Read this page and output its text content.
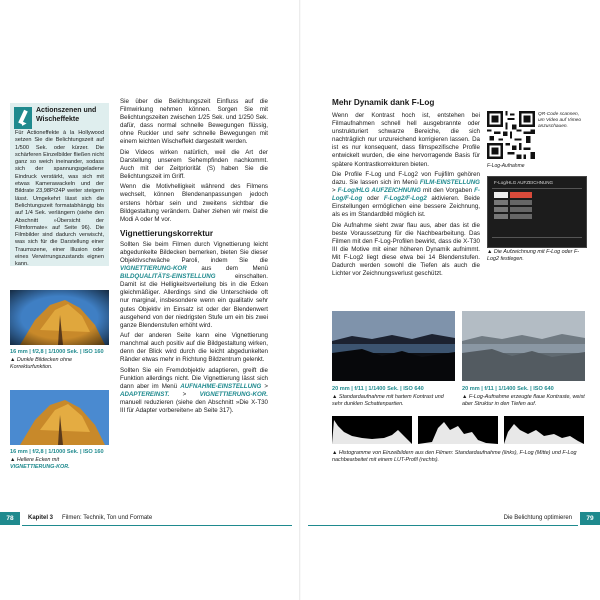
Actionszenen und
Wischeffekte
Für Actioneffekte à la Hollywood setzen Sie die Belichtungszeit auf 1/500 Sek. oder kürzer. Die schärferen Einzelbilder fließen nicht ganz so weich ineinander, sodass sich der spannungsgeladene Eindruck verstärkt, was sich mit etwas Kamerawackeln und der Bildrate 23,98P/24P weiter steigern lässt. Umgekehrt lässt sich die Belichtungszeit formatabhängig bis auf 1/4 Sek. verlängern (siehe den Abschnitt »Übersicht der Filmformate« auf Seite 96). Die Filmbilder sind dadurch verwischt, was sich für die Darstellung einer Traumszene, einer Illusion oder eines Verwirrungszustands eignen kann.
16 mm | f/2,8 | 1/1000 Sek. | ISO 160
▲ Dunkle Bildecken ohne Korrekturfunktion.
16 mm | f/2,8 | 1/1000 Sek. | ISO 160
▲ Hellere Ecken mit
VIGNETTIERUNG-KOR.

Sie über die Belichtungszeit Einfluss auf die Filmwirkung nehmen können. Sorgen Sie mit Belichtungszeiten zwischen 1/25 Sek. und 1/250 Sek. dafür, dass normal schnelle Bewegungen flüssig, ohne Ruckler und sehr schnelle Bewegungen mit einem leichten Wischeffekt dargestellt werden.

Die Videos wirken natürlich, weil die Art der Darstellung unserem Sehempfinden nachkommt. Auch mit der Zeitpriorität (S) haben Sie die Belichtungszeit im Griff.

Wenn die Motivhelligkeit während des Filmens wechselt, können Blendenanpassungen jedoch erstens hörbar sein und zweitens sichtbar die Bildgestaltung verändern. Daher ziehen wir meist die Modi A oder M vor.

Vignettierungskorrektur

Sollten Sie beim Filmen durch Vignettierung leicht abgedunkelte Bildecken bemerken, bieten Sie dieser Objektivschwäche Paroli, indem Sie die VIGNETTIERUNG-KOR aus dem Menü BILDQUALITÄTS-EINSTELLUNG	einschalten. Damit ist die Helligkeitsverteilung bis in die Ecken gleichmäßiger. Allerdings sind die Unterschiede oft nur marginal, insbesondere wenn ein qualitativ sehr gutes Objektiv im Einsatz ist oder der Blendenwert ausgehend von der niedrigsten Stufe um ein bis zwei ganze Blendenstufen erhöht wird.

Auf der anderen Seite kann eine Vignettierung manchmal auch positiv auf die Bildgestaltung wirken, denn der Blick wird durch die leicht abgedunkelten Ränder etwas mehr in Richtung Bildzentrum gelenkt.

Sollten Sie ein Fremdobjektiv adaptieren, greift die Funktion allerdings nicht. Die Vignettierung lässt sich dann aber im Menü AUFNAHME-EINSTELLUNG > ADAPTEREINST. > VIGNETTIERUNG-KOR. manuell reduzieren (siehe den Abschnitt »Die X-T30 III für Adapter vorbereiten« ab Seite 317).

Mehr Dynamik dank F-Log

Wenn der Kontrast hoch ist, entstehen bei Filmaufnahmen schnell hell ausgebrannte oder unstrukturiert schwarze Bereiche, die sich nachträglich nur unzureichend korrigieren lassen. Da ist es nur konsequent, dass filmspezifische Profile entwickelt wurden, die eine hervorragende Basis für spätere Kontrastkorrekturen bieten.

Die Profile F-Log und F-Log2 von Fujifilm gehören dazu. Sie lassen sich im Menü FILM-EINSTELLUNG > F-Log/HLG AUFZEICHNUNG mit den Vorgaben F-Log/F-Log oder F-Log2/F-Log2 aktivieren. Beide Einstellungen ermöglichen eine bessere Zeichnung, als es im Standardbild möglich ist.

Die Aufnahme sieht zwar flau aus, aber das ist die beste Voraussetzung für die Nachbearbeitung. Das Filmen mit den F-Log-Profilen bewirkt, dass die X-T30 III die Motive mit einer höheren Dynamik aufnimmt. Mit F-Log2 liegt diese etwa bei 14 Blendenstufen. Dadurch werden sowohl die Tiefen als auch die Lichter vor Zeichnungsverlust geschützt.

QR-Code scannen, um Video auf Vimeo anzuschauen.
F-Log-Aufnahme
F-Log/HLG AUFZEICHNUNG
▲ Die Aufzeichnung mit F-Log oder F-Log2 festlegen.
20 mm | f/11 | 1/1400 Sek. | ISO 640
▲ Standardaufnahme mit hartem Kontrast und sehr dunklen Schattenpartien.
20 mm | f/11 | 1/1400 Sek. | ISO 640
▲ F-Log-Aufnahme erzeugte flaue Kontraste, weist aber Struktur in den Tiefen auf.
▲ Histogramme von Einzelbildern aus den Filmen: Standardaufnahme (links), F-Log (Mitte) und F-Log nachbearbeitet mit einem LUT-Profil (rechts).
78	Kapitel 3 Filmen: Technik, Ton und Formate	Die Belichtung optimieren	79
